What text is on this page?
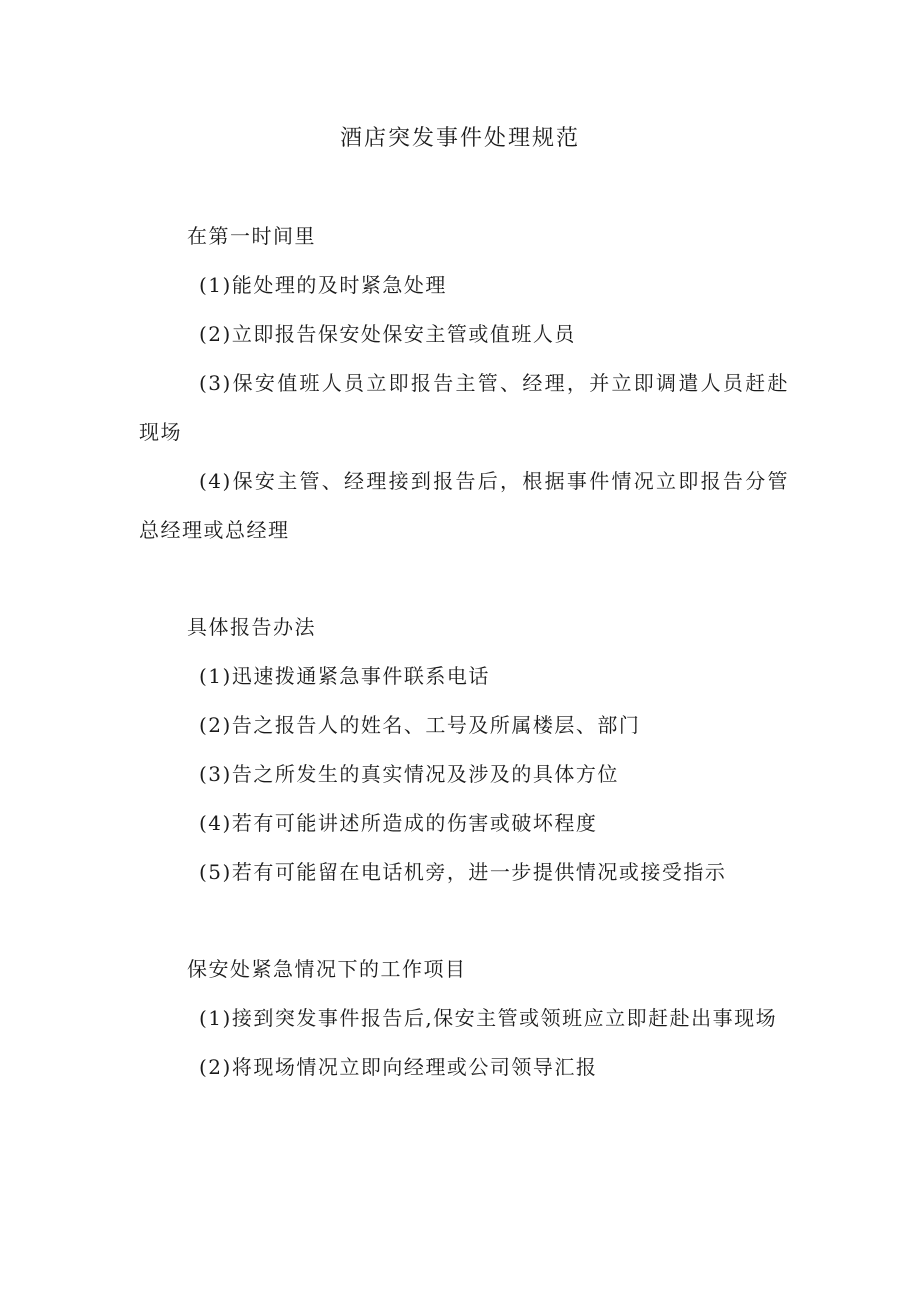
酒店突发事件处理规范

在第一时间里

(1)能处理的及时紧急处理

(2)立即报告保安处保安主管或值班人员

(3)保安值班人员立即报告主管、经理，并立即调遣人员赶赴现场

(4)保安主管、经理接到报告后，根据事件情况立即报告分管总经理或总经理

具体报告办法

(1)迅速拨通紧急事件联系电话

(2)告之报告人的姓名、工号及所属楼层、部门

(3)告之所发生的真实情况及涉及的具体方位

(4)若有可能讲述所造成的伤害或破坏程度

(5)若有可能留在电话机旁，进一步提供情况或接受指示

保安处紧急情况下的工作项目

(1)接到突发事件报告后,保安主管或领班应立即赶赴出事现场

(2)将现场情况立即向经理或公司领导汇报
